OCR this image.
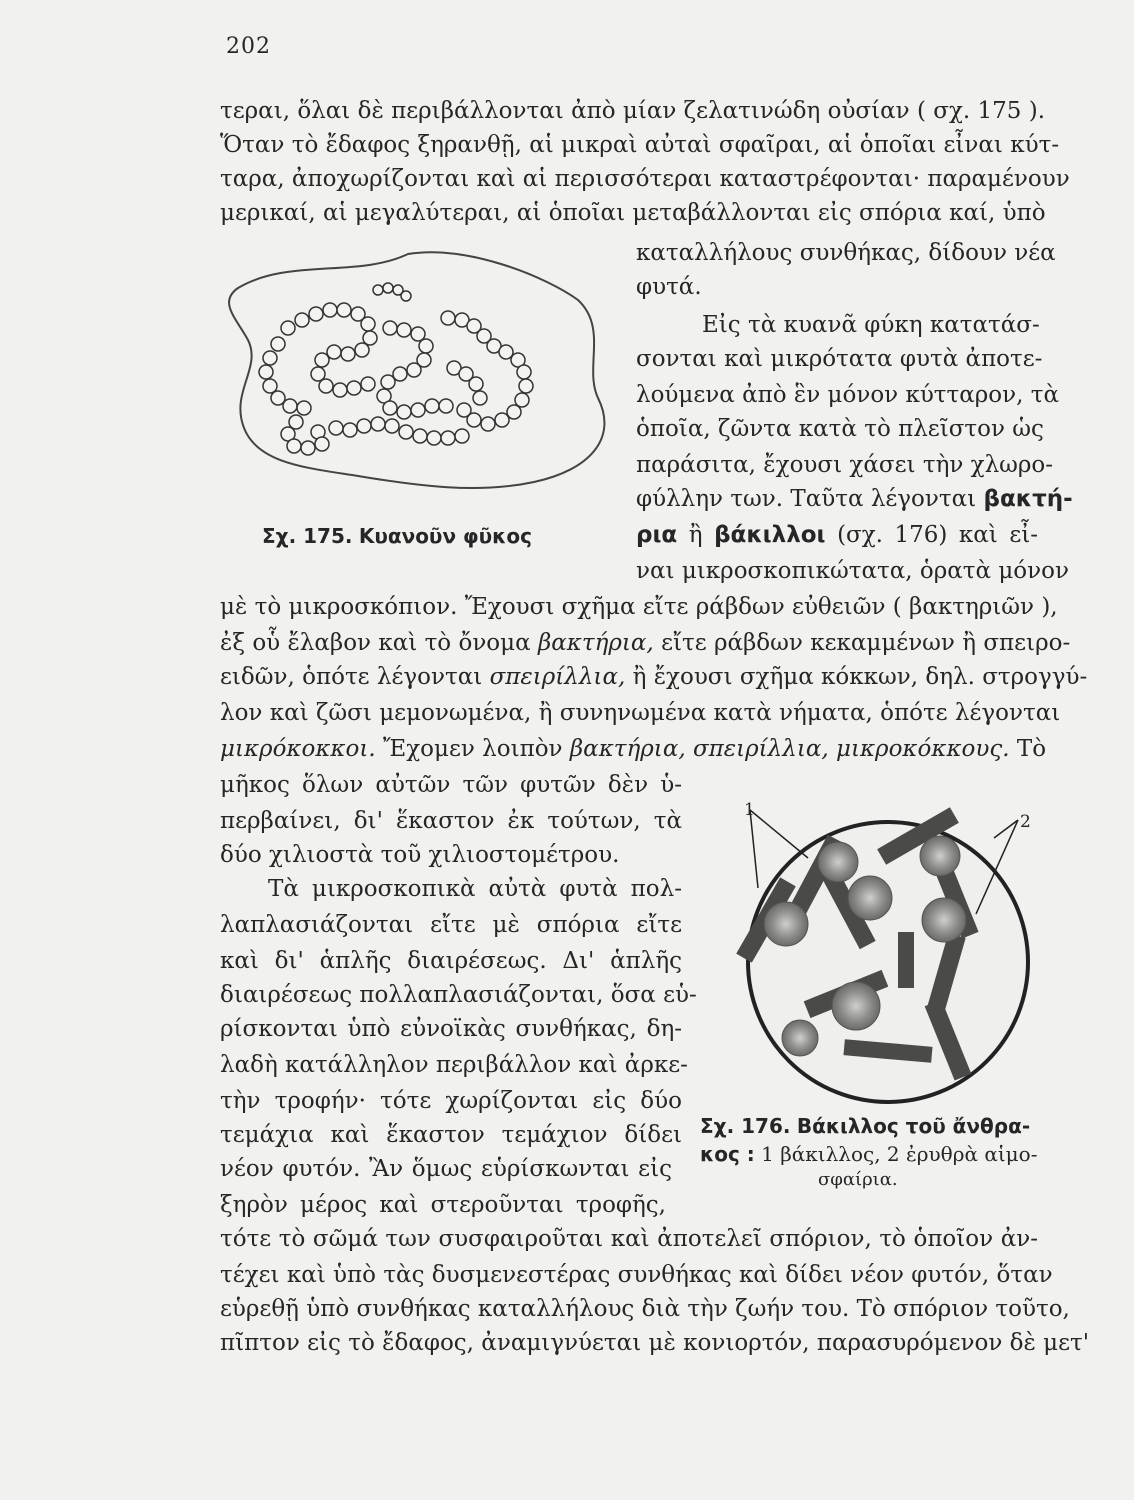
202
τεραι, ὅλαι δὲ περιβάλλονται ἀπὸ μίαν ζελατινώδη οὐσίαν ( σχ. 175 ).
Ὅταν τὸ ἔδαφος ξηρανθῇ, αἱ μικραὶ αὐταὶ σφαῖραι, αἱ ὁποῖαι εἶναι κύτ-
ταρα, ἀποχωρίζονται καὶ αἱ περισσότεραι καταστρέφονται· παραμένουν
μερικαί, αἱ μεγαλύτεραι, αἱ ὁποῖαι μεταβάλλονται εἰς σπόρια καί, ὑπὸ
καταλλήλους συνθήκας, δίδουν νέα
φυτά.
Εἰς τὰ κυανᾶ φύκη κατατάσ-
σονται καὶ μικρότατα φυτὰ ἀποτε-
λούμενα ἀπὸ ἓν μόνον κύτταρον, τὰ
ὁποῖα, ζῶντα κατὰ τὸ πλεῖστον ὡς
παράσιτα, ἔχουσι χάσει τὴν χλωρο-
φύλλην των. Ταῦτα λέγονται βακτή-
ρια ἢ βάκιλλοι (σχ. 176) καὶ εἶ-
ναι μικροσκοπικώτατα, ὁρατὰ μόνον
Σχ. 175. Κυανοῦν φῦκος
μὲ τὸ μικροσκόπιον. Ἔχουσι σχῆμα εἴτε ράβδων εὐθειῶν ( βακτηριῶν ),
ἐξ οὗ ἔλαβον καὶ τὸ ὄνομα βακτήρια, εἴτε ράβδων κεκαμμένων ἢ σπειρο-
ειδῶν, ὁπότε λέγονται σπειρίλλια, ἢ ἔχουσι σχῆμα κόκκων, δηλ. στρογγύ-
λον καὶ ζῶσι μεμονωμένα, ἢ συνηνωμένα κατὰ νήματα, ὁπότε λέγονται
μικρόκοκκοι. Ἔχομεν λοιπὸν βακτήρια, σπειρίλλια, μικροκόκκους. Τὸ
μῆκος ὅλων αὐτῶν τῶν φυτῶν δὲν ὑ-
περβαίνει, δι' ἕκαστον ἐκ τούτων, τὰ
δύο χιλιοστὰ τοῦ χιλιοστομέτρου.
Τὰ μικροσκοπικὰ αὐτὰ φυτὰ πολ-
λαπλασιάζονται εἴτε μὲ σπόρια εἴτε
καὶ δι' ἁπλῆς διαιρέσεως. Δι' ἁπλῆς
διαιρέσεως πολλαπλασιάζονται, ὅσα εὑ-
ρίσκονται ὑπὸ εὐνοϊκὰς συνθήκας, δη-
λαδὴ κατάλληλον περιβάλλον καὶ ἀρκε-
τὴν τροφήν· τότε χωρίζονται εἰς δύο
τεμάχια καὶ ἕκαστον τεμάχιον δίδει
νέον φυτόν. Ἂν ὅμως εὑρίσκωνται εἰς
ξηρὸν μέρος καὶ στεροῦνται τροφῆς,
1
2
Σχ. 176. Βάκιλλος τοῦ ἄνθρα-
κος : 1 βάκιλλος, 2 ἐρυθρὰ αἱμο-
σφαίρια.
τότε τὸ σῶμά των συσφαιροῦται καὶ ἀποτελεῖ σπόριον, τὸ ὁποῖον ἀν-
τέχει καὶ ὑπὸ τὰς δυσμενεστέρας συνθήκας καὶ δίδει νέον φυτόν, ὅταν
εὑρεθῇ ὑπὸ συνθήκας καταλλήλους διὰ τὴν ζωήν του. Τὸ σπόριον τοῦτο,
πῖπτον εἰς τὸ ἔδαφος, ἀναμιγνύεται μὲ κονιορτόν, παρασυρόμενον δὲ μετ'
